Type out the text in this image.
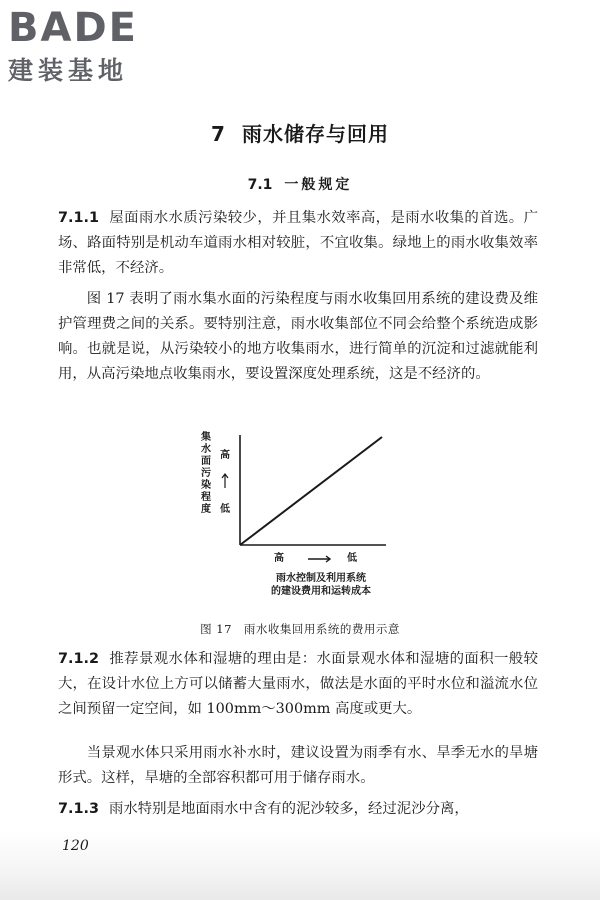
BADE
建装基地
7 雨水储存与回用
7.1 一般规定

7.1.1 屋面雨水水质污染较少，并且集水效率高，是雨水收集的首选。广场、路面特别是机动车道雨水相对较脏，不宜收集。绿地上的雨水收集效率非常低，不经济。

图 17 表明了雨水集水面的污染程度与雨水收集回用系统的建设费及维护管理费之间的关系。要特别注意，雨水收集部位不同会给整个系统造成影响。也就是说，从污染较小的地方收集雨水，进行简单的沉淀和过滤就能利用，从高污染地点收集雨水，要设置深度处理系统，这是不经济的。

集水面污染程度
高
低
高	低
雨水控制及利用系统
的建设费用和运转成本
图 17 雨水收集回用系统的费用示意

7.1.2 推荐景观水体和湿塘的理由是：水面景观水体和湿塘的面积一般较大，在设计水位上方可以储蓄大量雨水，做法是水面的平时水位和溢流水位之间预留一定空间，如 100mm～300mm 高度或更大。

当景观水体只采用雨水补水时，建议设置为雨季有水、旱季无水的旱塘形式。这样，旱塘的全部容积都可用于储存雨水。

7.1.3 雨水特别是地面雨水中含有的泥沙较多，经过泥沙分离，

120
